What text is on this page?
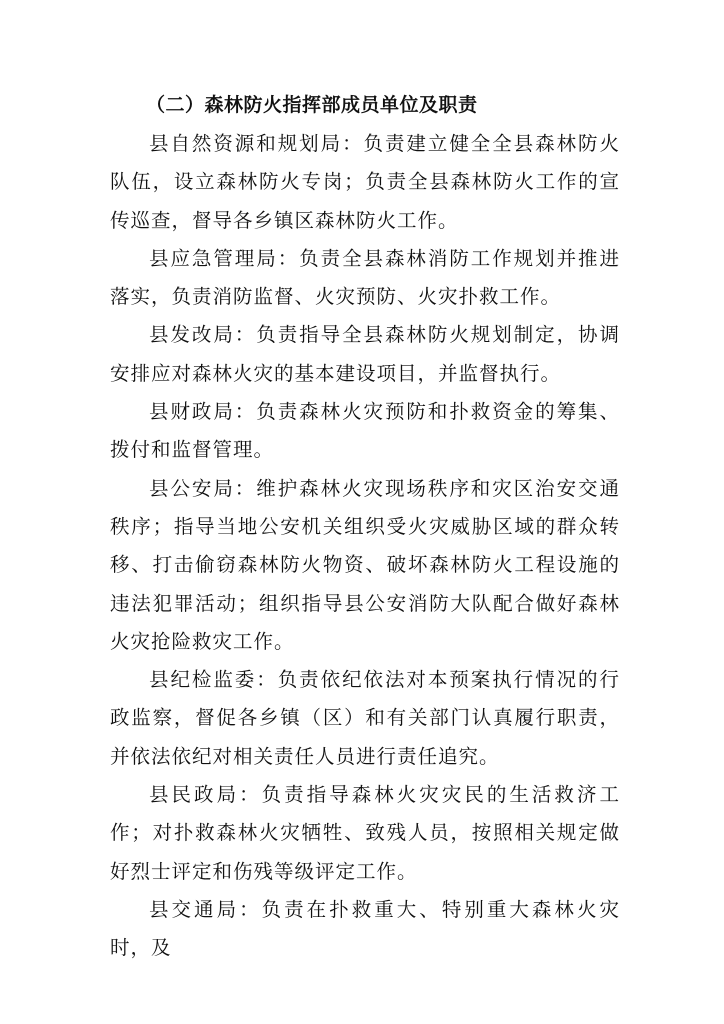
（二）森林防火指挥部成员单位及职责

县自然资源和规划局：负责建立健全全县森林防火队伍，设立森林防火专岗；负责全县森林防火工作的宣传巡查，督导各乡镇区森林防火工作。

县应急管理局：负责全县森林消防工作规划并推进落实，负责消防监督、火灾预防、火灾扑救工作。

县发改局：负责指导全县森林防火规划制定，协调安排应对森林火灾的基本建设项目，并监督执行。

县财政局：负责森林火灾预防和扑救资金的筹集、拨付和监督管理。

县公安局：维护森林火灾现场秩序和灾区治安交通秩序；指导当地公安机关组织受火灾威胁区域的群众转移、打击偷窃森林防火物资、破坏森林防火工程设施的违法犯罪活动；组织指导县公安消防大队配合做好森林火灾抢险救灾工作。

县纪检监委：负责依纪依法对本预案执行情况的行政监察，督促各乡镇（区）和有关部门认真履行职责，并依法依纪对相关责任人员进行责任追究。

县民政局：负责指导森林火灾灾民的生活救济工作；对扑救森林火灾牺牲、致残人员，按照相关规定做好烈士评定和伤残等级评定工作。

县交通局：负责在扑救重大、特别重大森林火灾时，及
